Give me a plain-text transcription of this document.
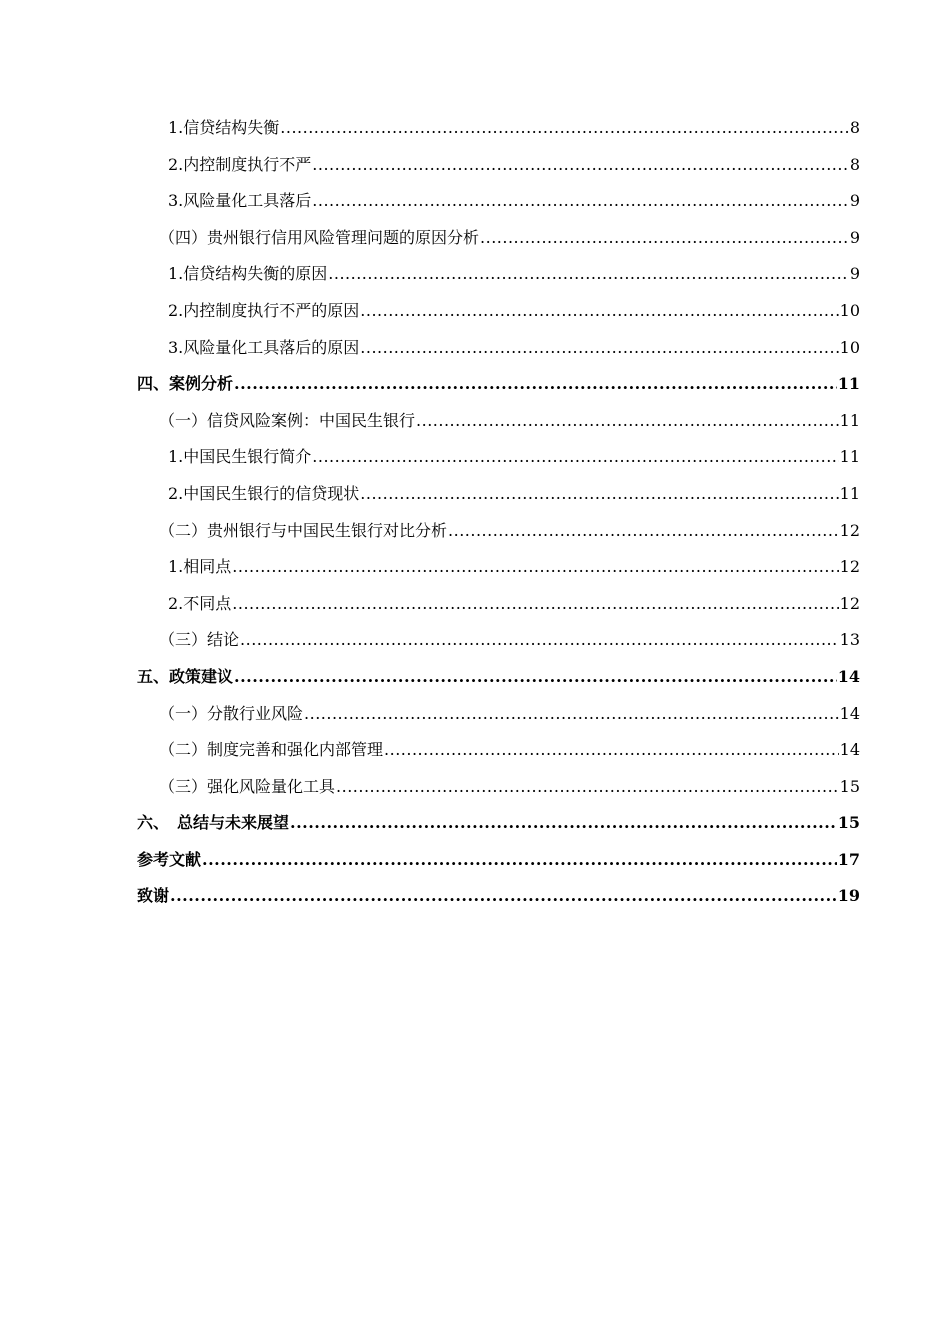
1.信贷结构失衡 .....	8
2.内控制度执行不严 .....	8
3.风险量化工具落后 .....	9
（四）贵州银行信用风险管理问题的原因分析 .....	9
1.信贷结构失衡的原因 .....	9
2.内控制度执行不严的原因 .....	10
3.风险量化工具落后的原因 .....	10
四、案例分析 .....	11
（一）信贷风险案例：中国民生银行 .....	11
1.中国民生银行简介 .....	11
2.中国民生银行的信贷现状 .....	11
（二）贵州银行与中国民生银行对比分析 .....	12
1.相同点 .....	12
2.不同点 .....	12
（三）结论 .....	13
五、政策建议 .....	14
（一）分散行业风险 .....	14
（二）制度完善和强化内部管理 .....	14
（三）强化风险量化工具 .....	15
六、　总结与未来展望 .....	15
参考文献 .....	17
致谢 .....	19
